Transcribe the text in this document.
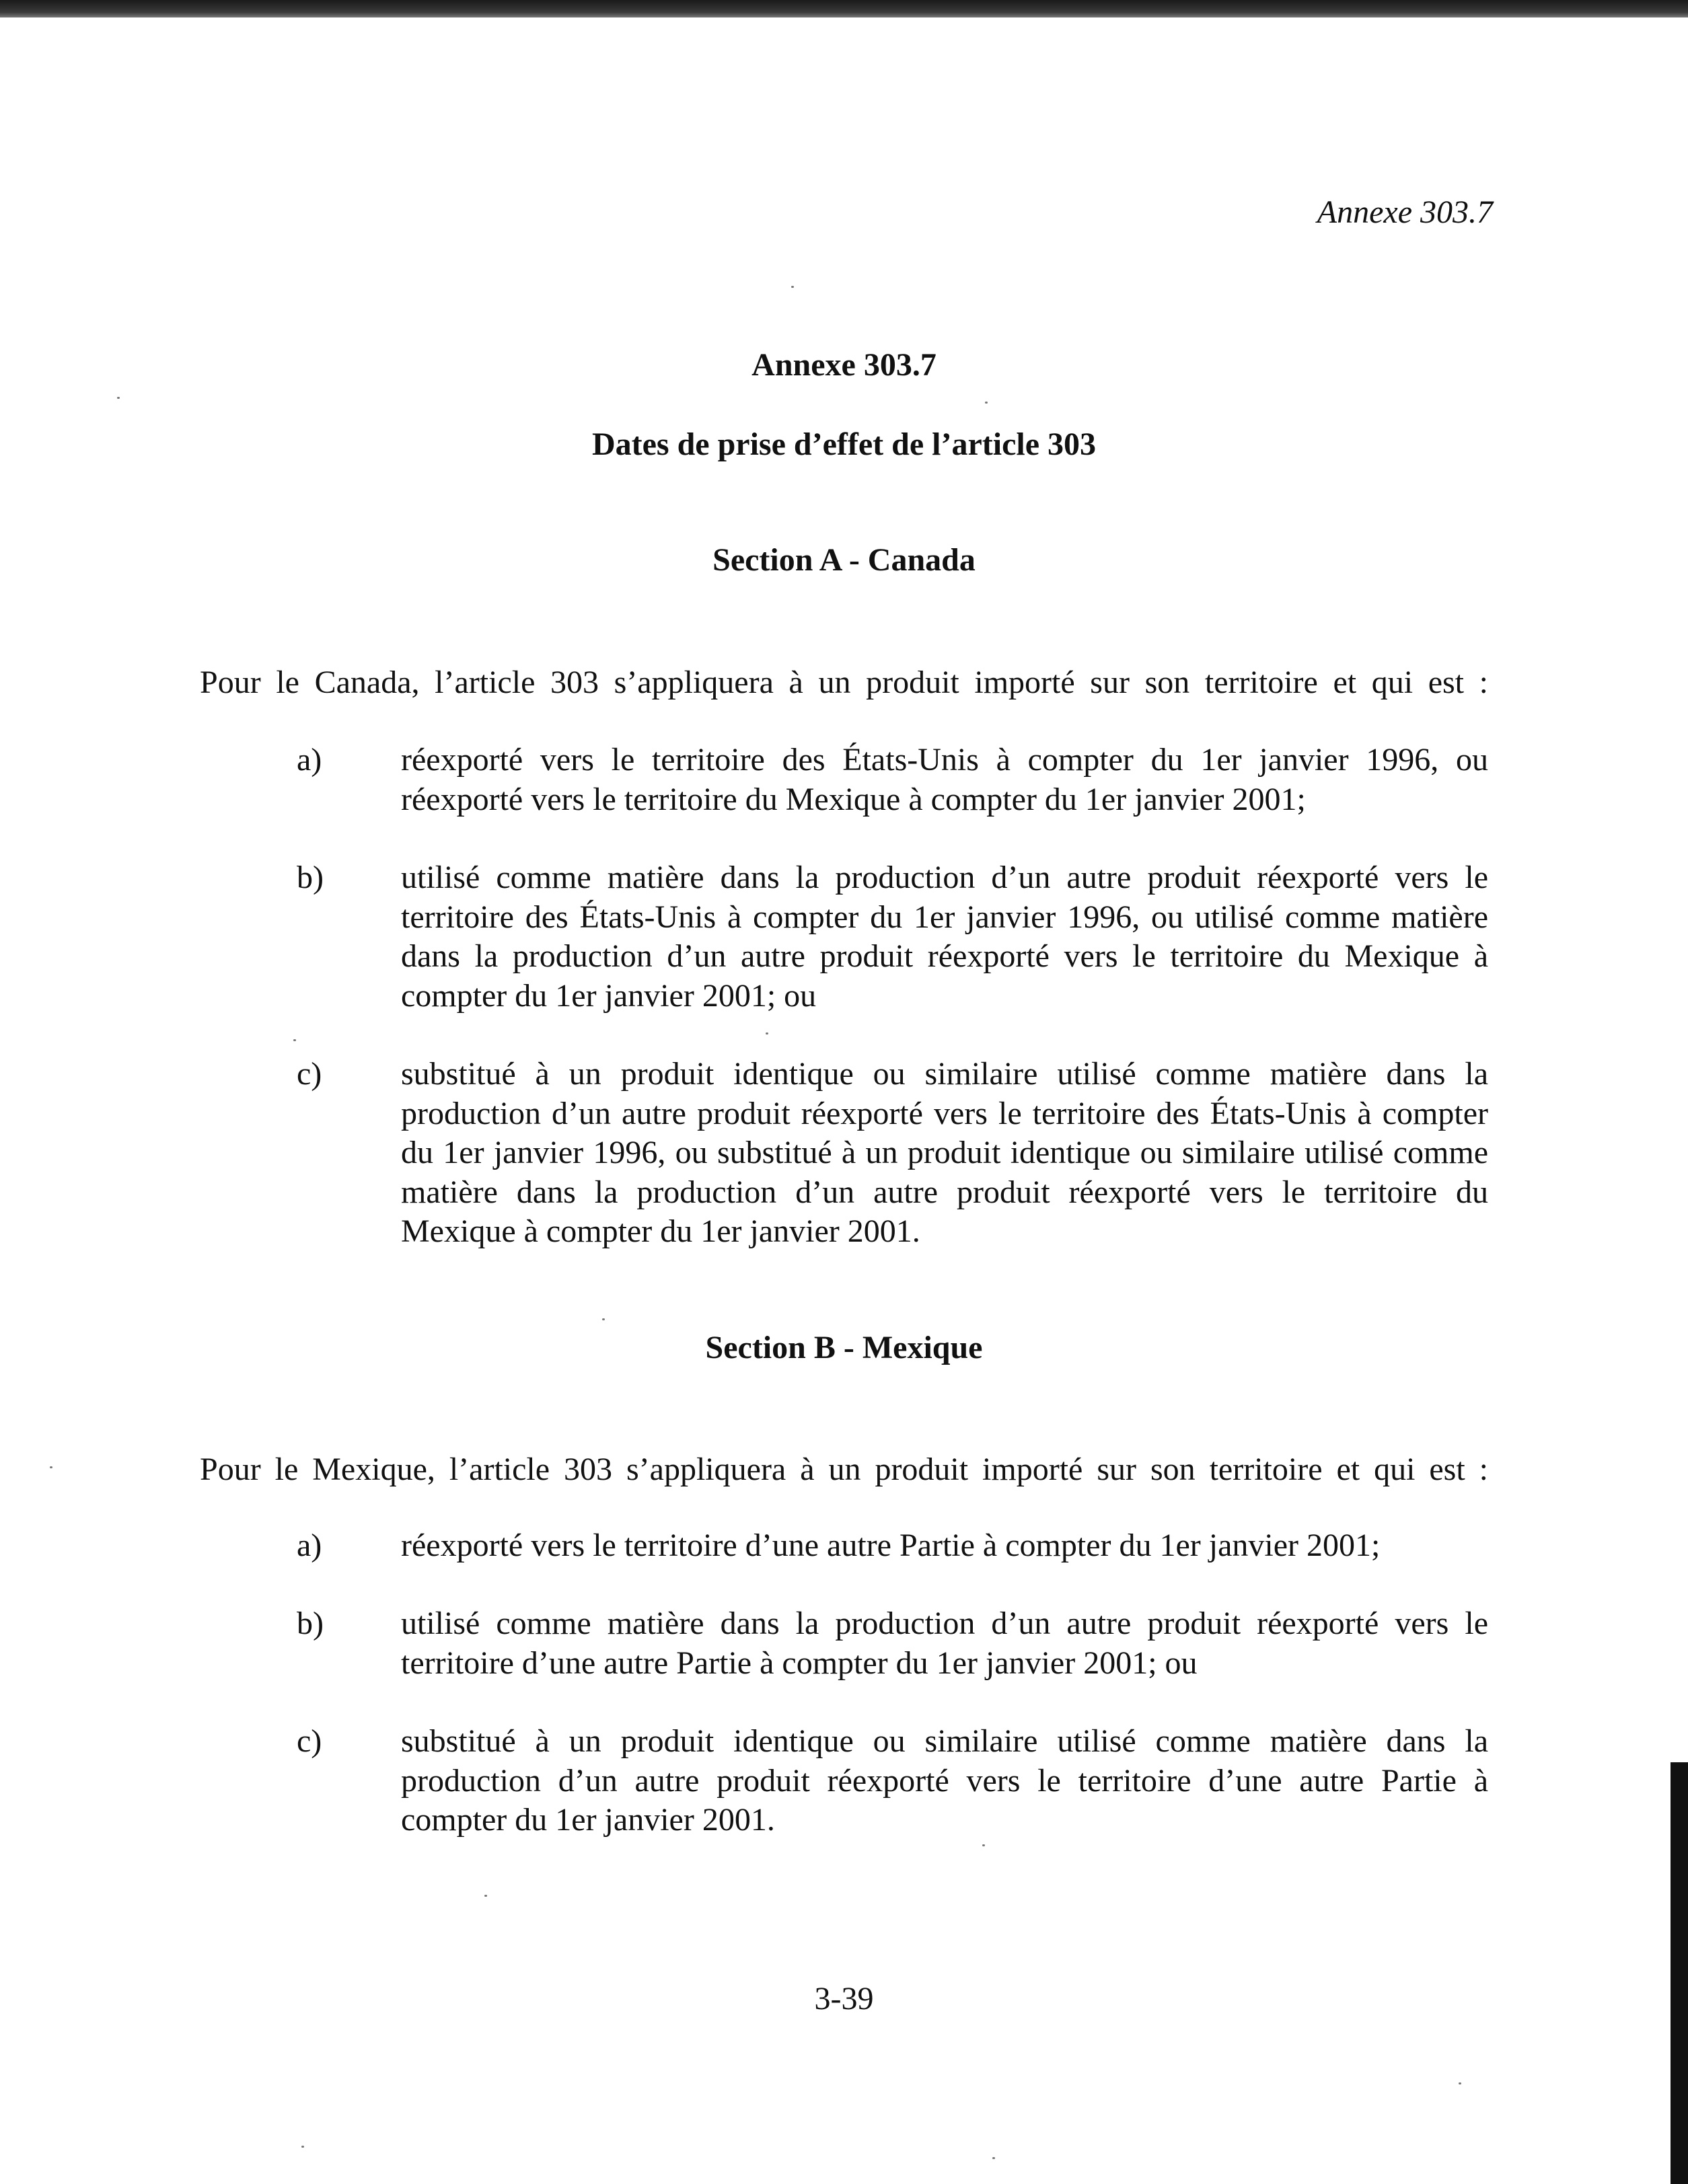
Annexe 303.7
Annexe 303.7
Dates de prise d’effet de l’article 303
Section A - Canada
Pour le Canada, l’article 303 s’appliquera à un produit importé sur son territoire et qui est :
a)	réexporté vers le territoire des États-Unis à compter du 1er janvier 1996, ou réexporté vers le territoire du Mexique à compter du 1er janvier 2001;
b)	utilisé comme matière dans la production d’un autre produit réexporté vers le territoire des États-Unis à compter du 1er janvier 1996, ou utilisé comme matière dans la production d’un autre produit réexporté vers le territoire du Mexique à compter du 1er janvier 2001; ou
c)	substitué à un produit identique ou similaire utilisé comme matière dans la production d’un autre produit réexporté vers le territoire des États-Unis à compter du 1er janvier 1996, ou substitué à un produit identique ou similaire utilisé comme matière dans la production d’un autre produit réexporté vers le territoire du Mexique à compter du 1er janvier 2001.
Section B - Mexique
Pour le Mexique, l’article 303 s’appliquera à un produit importé sur son territoire et qui est :
a)	réexporté vers le territoire d’une autre Partie à compter du 1er janvier 2001;
b)	utilisé comme matière dans la production d’un autre produit réexporté vers le territoire d’une autre Partie à compter du 1er janvier 2001; ou
c)	substitué à un produit identique ou similaire utilisé comme matière dans la production d’un autre produit réexporté vers le territoire d’une autre Partie à compter du 1er janvier 2001.
3-39
